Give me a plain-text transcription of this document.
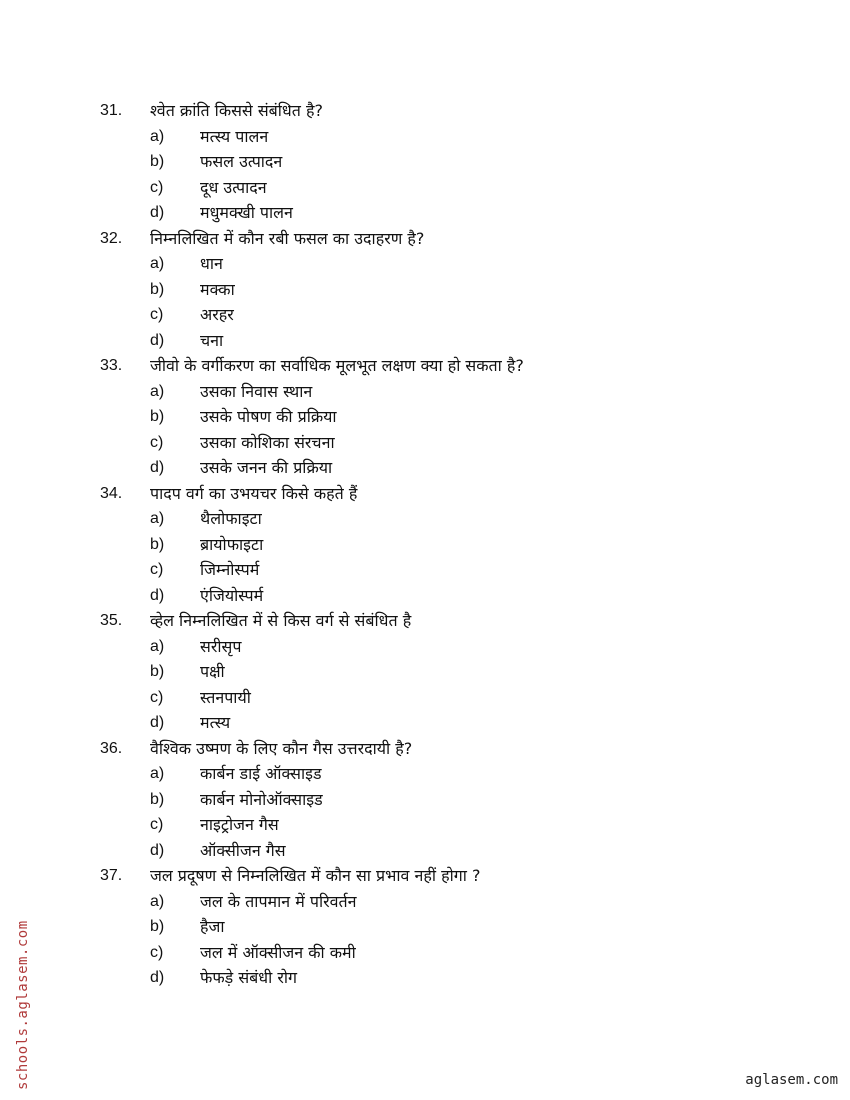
31.	श्वेत क्रांति किससे संबंधित है?
a)	मत्स्य पालन
b)	फसल उत्पादन
c)	दूध उत्पादन
d)	मधुमक्खी पालन
32.	निम्नलिखित में कौन रबी फसल का उदाहरण है?
a)	धान
b)	मक्का
c)	अरहर
d)	चना
33.	जीवो के वर्गीकरण का सर्वाधिक मूलभूत लक्षण क्या हो सकता है?
a)	उसका निवास स्थान
b)	उसके पोषण की प्रक्रिया
c)	उसका कोशिका संरचना
d)	उसके जनन की प्रक्रिया
34.	पादप वर्ग का उभयचर किसे कहते हैं
a)	थैलोफाइटा
b)	ब्रायोफाइटा
c)	जिम्नोस्पर्म
d)	एंजियोस्पर्म
35.	व्हेल निम्नलिखित में से किस वर्ग से संबंधित है
a)	सरीसृप
b)	पक्षी
c)	स्तनपायी
d)	मत्स्य
36.	वैश्विक उष्मण के लिए कौन गैस उत्तरदायी है?
a)	कार्बन डाई ऑक्साइड
b)	कार्बन मोनोऑक्साइड
c)	नाइट्रोजन गैस
d)	ऑक्सीजन गैस
37.	जल प्रदूषण से निम्नलिखित में कौन सा प्रभाव नहीं होगा ?
a)	जल के तापमान में परिवर्तन
b)	हैजा
c)	जल में ऑक्सीजन की कमी
d)	फेफड़े संबंधी रोग
schools.aglasem.com	aglasem.com
